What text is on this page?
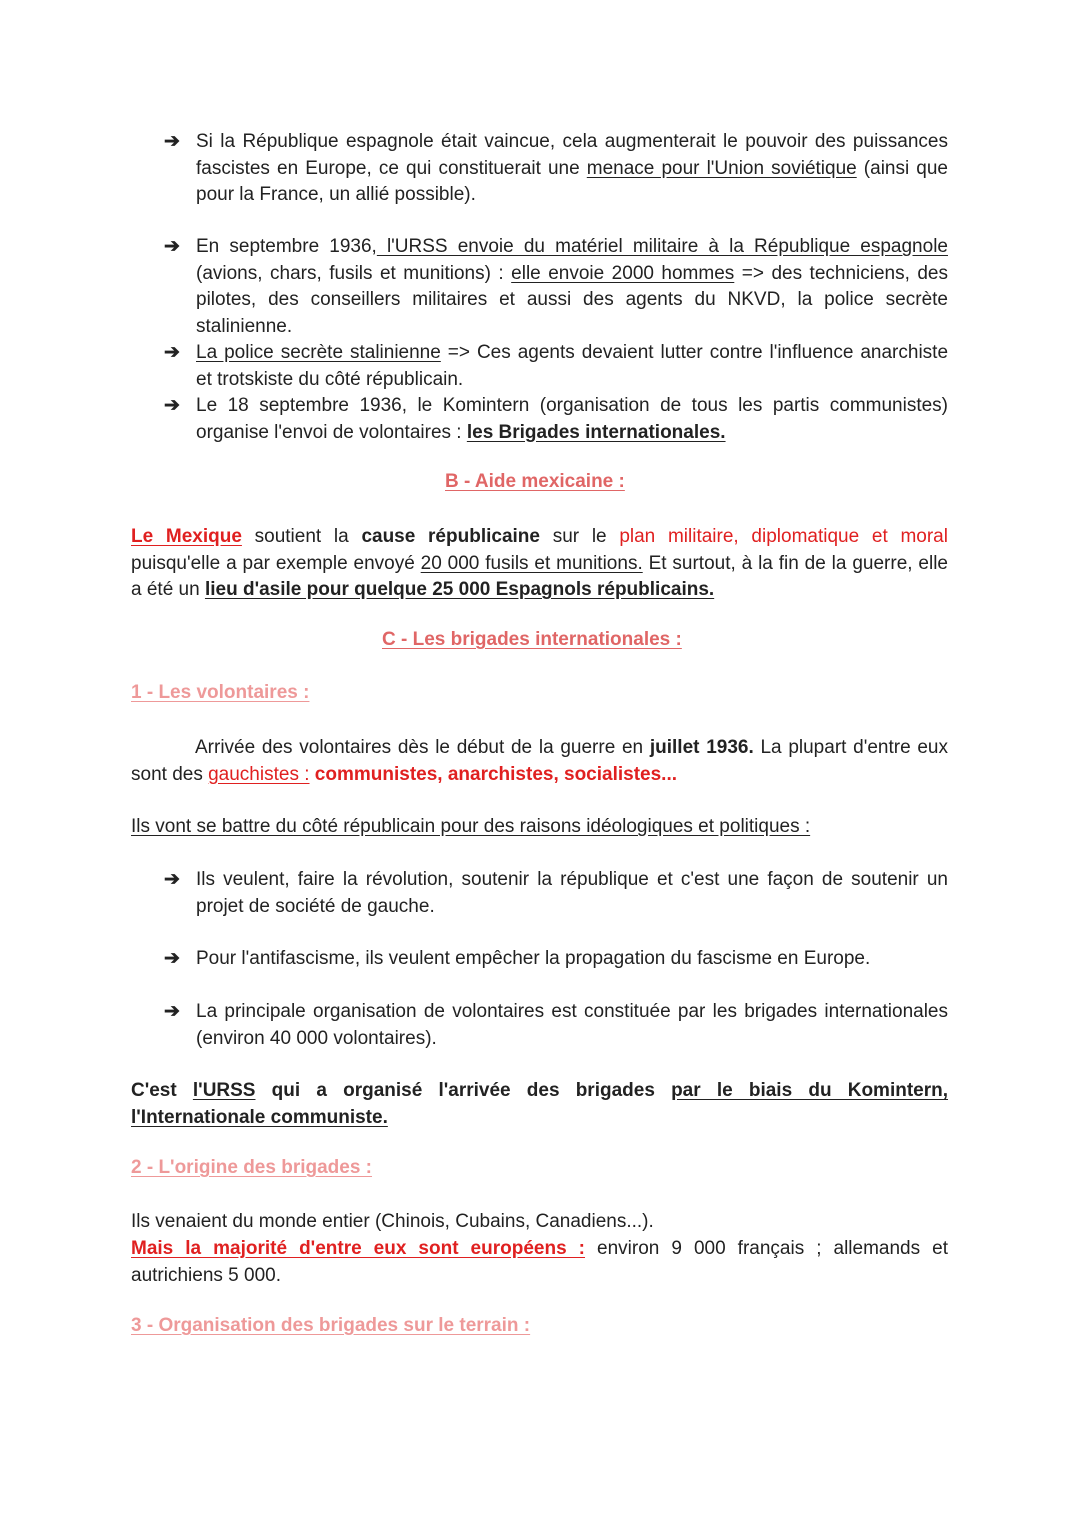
➔ Si la République espagnole était vaincue, cela augmenterait le pouvoir des puissances fascistes en Europe, ce qui constituerait une menace pour l'Union soviétique (ainsi que pour la France, un allié possible).
➔ En septembre 1936, l'URSS envoie du matériel militaire à la République espagnole (avions, chars, fusils et munitions) : elle envoie 2000 hommes => des techniciens, des pilotes, des conseillers militaires et aussi des agents du NKVD, la police secrète stalinienne.
➔ La police secrète stalinienne => Ces agents devaient lutter contre l'influence anarchiste et trotskiste du côté républicain.
➔ Le 18 septembre 1936, le Komintern (organisation de tous les partis communistes) organise l'envoi de volontaires : les Brigades internationales.
B - Aide mexicaine :
Le Mexique soutient la cause républicaine sur le plan militaire, diplomatique et moral puisqu'elle a par exemple envoyé 20 000 fusils et munitions. Et surtout, à la fin de la guerre, elle a été un lieu d'asile pour quelque 25 000 Espagnols républicains.
C - Les brigades internationales :
1 - Les volontaires :
Arrivée des volontaires dès le début de la guerre en juillet 1936. La plupart d'entre eux sont des gauchistes : communistes, anarchistes, socialistes...
Ils vont se battre du côté républicain pour des raisons idéologiques et politiques :
➔ Ils veulent, faire la révolution, soutenir la république et c'est une façon de soutenir un projet de société de gauche.
➔ Pour l'antifascisme, ils veulent empêcher la propagation du fascisme en Europe.
➔ La principale organisation de volontaires est constituée par les brigades internationales (environ 40 000 volontaires).
C'est l'URSS qui a organisé l'arrivée des brigades par le biais du Komintern, l'Internationale communiste.
2 - L'origine des brigades :
Ils venaient du monde entier (Chinois, Cubains, Canadiens...).
Mais la majorité d'entre eux sont européens : environ 9 000 français ; allemands et autrichiens 5 000.
3 - Organisation des brigades sur le terrain :
